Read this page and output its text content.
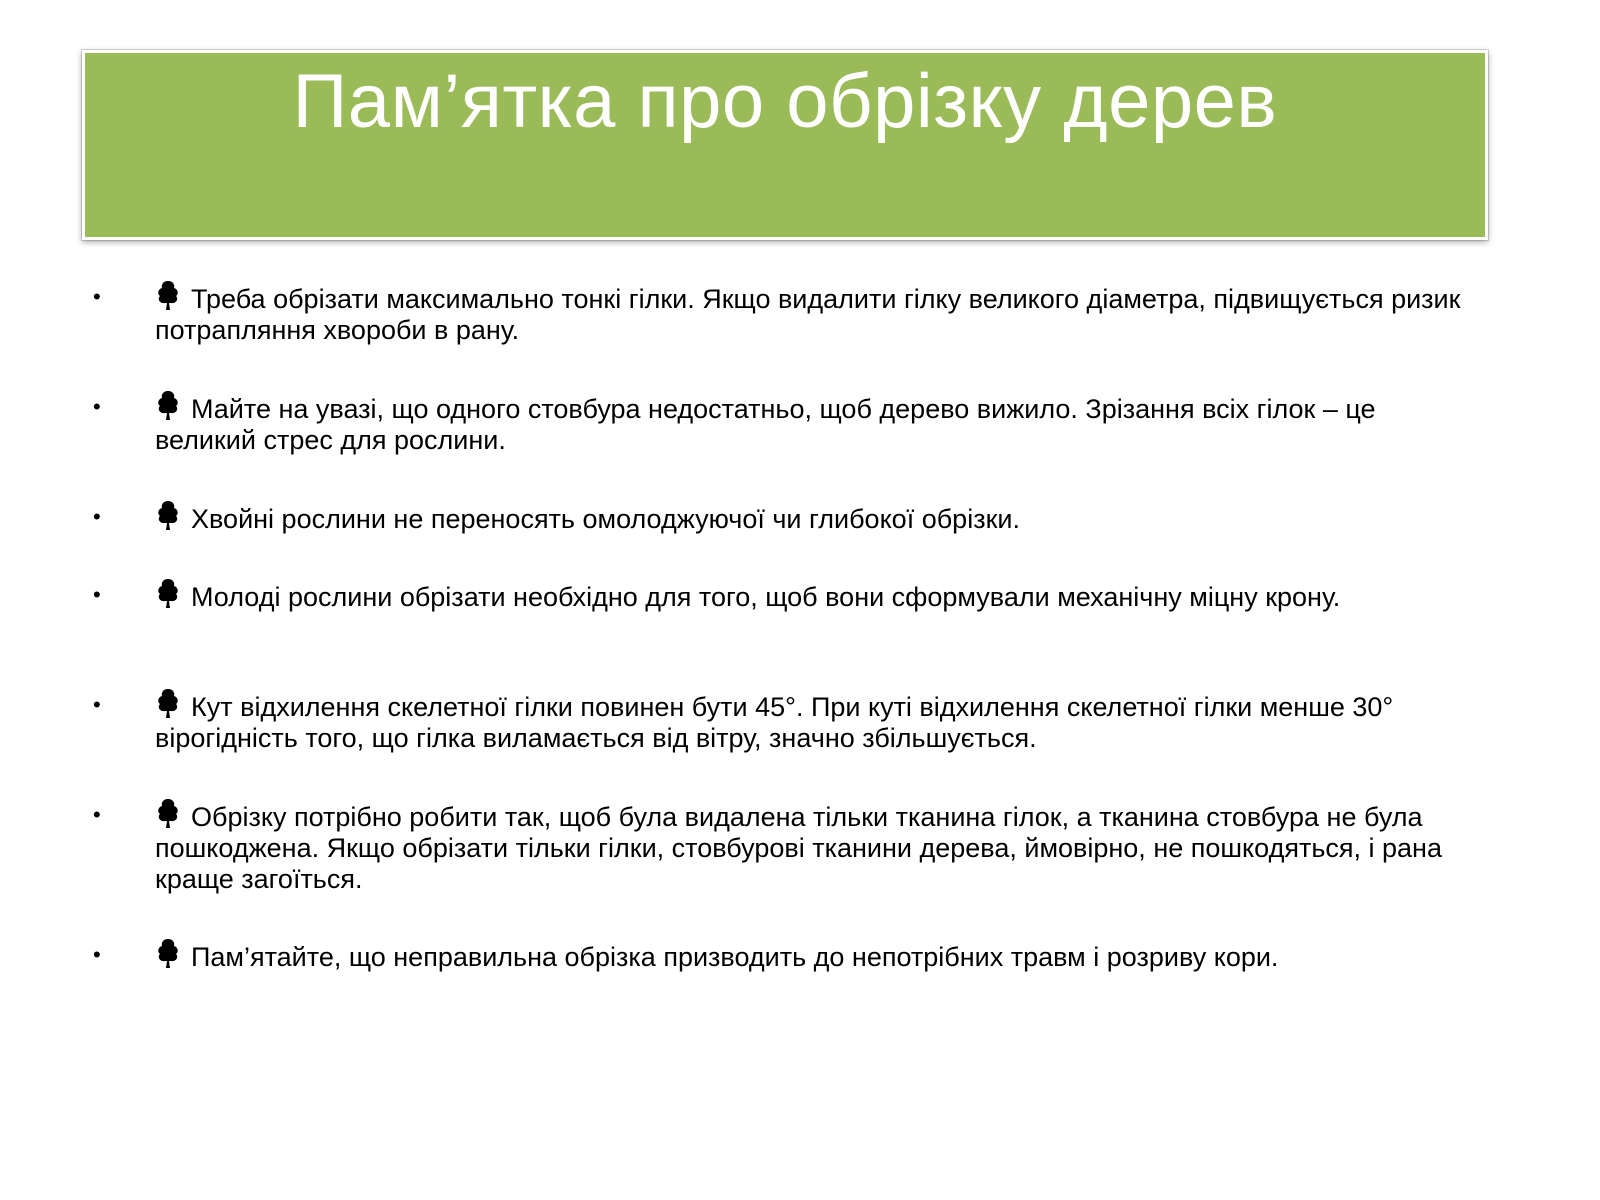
Пам’ятка про обрізку дерев
•	Треба обрізати максимально тонкі гілки. Якщо видалити гілку великого діаметра, підвищується ризик потрапляння хвороби в рану.
•	Майте на увазі, що одного стовбура недостатньо, щоб дерево вижило. Зрізання всіх гілок – це великий стрес для рослини.
•	Хвойні рослини не переносять омолоджуючої чи глибокої обрізки.
•	Молоді рослини обрізати необхідно для того, щоб вони сформували механічну міцну крону.
•	Кут відхилення скелетної гілки повинен бути 45°. При куті відхилення скелетної гілки менше 30° вірогідність того, що гілка виламається від вітру, значно збільшується.
•	Обрізку потрібно робити так, щоб була видалена тільки тканина гілок, а тканина стовбура не була пошкоджена. Якщо обрізати тільки гілки, стовбурові тканини дерева, ймовірно, не пошкодяться, і рана краще загоїться.
•	Пам’ятайте, що неправильна обрізка призводить до непотрібних травм і розриву кори.
